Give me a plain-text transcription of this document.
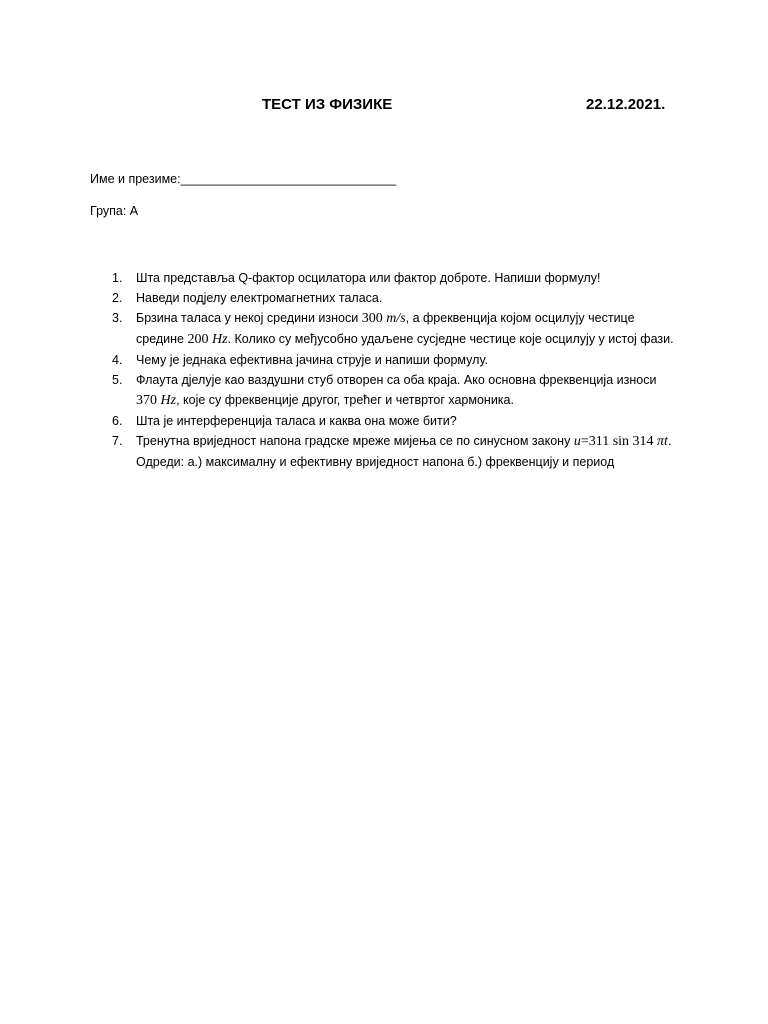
ТЕСТ ИЗ ФИЗИКЕ	22.12.2021.
Име и презиме:_______________________________
Група: А
1. Шта представља Q-фактор осцилатора или фактор доброте. Напиши формулу!
2. Наведи подјелу електромагнетних таласа.
3. Брзина таласа у некој средини износи 300 m/s, а фреквенција којом осцилују честице средине 200 Hz. Колико су међусобно удаљене сусједне честице које осцилују у истој фази.
4. Чему је једнака ефективна јачина струје и напиши формулу.
5. Флаута дјелује као ваздушни стуб отворен са оба краја. Ако основна фреквенција износи 370 Hz, које су фреквенције другог, трећег и четвртог хармоника.
6. Шта је интерференција таласа и каква она може бити?
7. Тренутна вриједност напона градске мреже мијења се по синусном закону u=311 sin 314 πt. Одреди: а.) максималну и ефективну вриједност напона б.) фреквенцију и период
